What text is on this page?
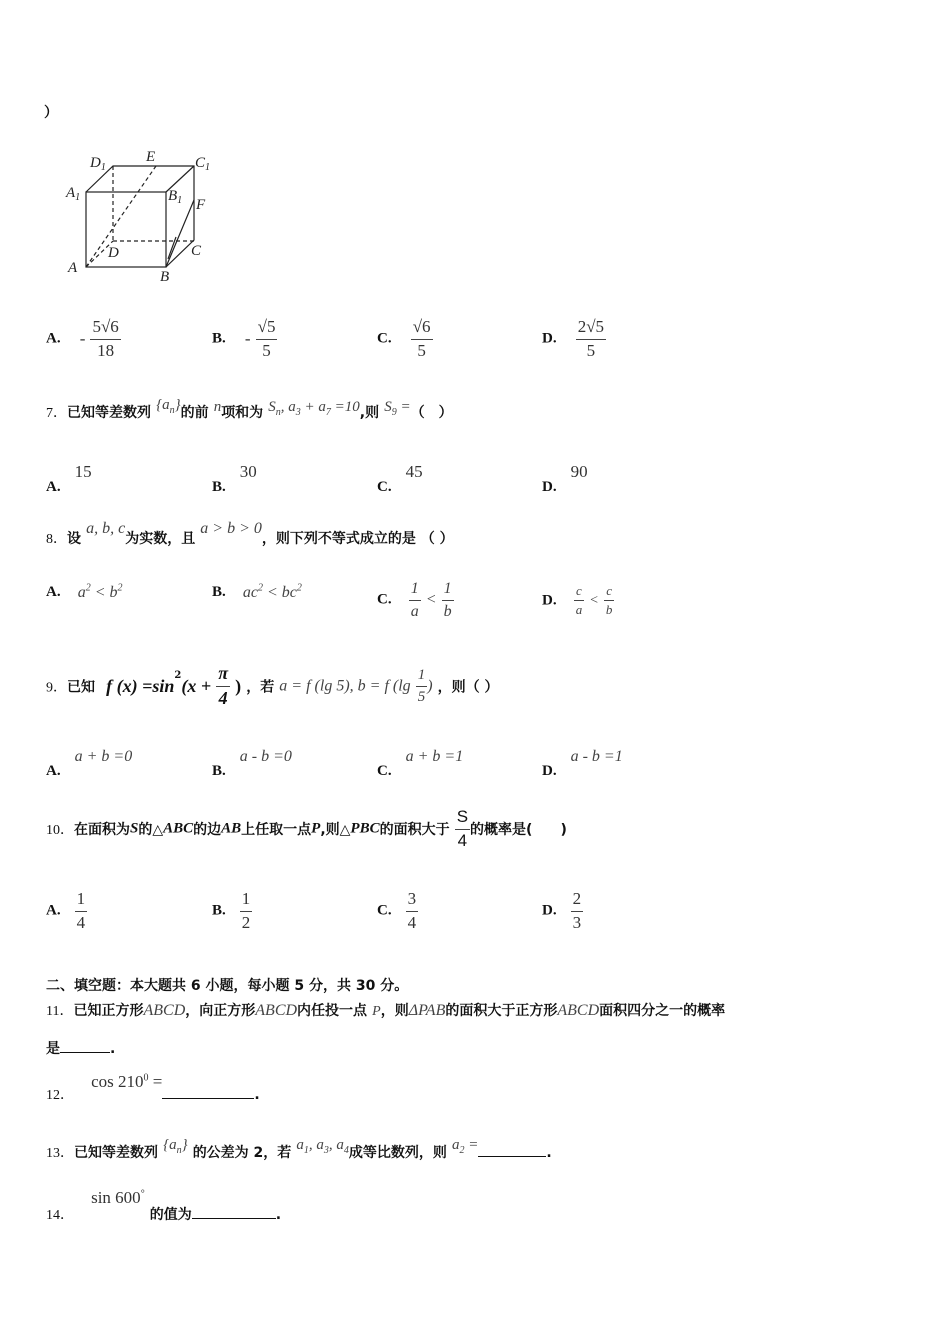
）
$D_1$
E	$C_1$
$A_1$	$B_1$ F
D	C
A
B
A. - $\frac{5√6}{18}$	B. - $\frac{√5}{5}$	C. $\frac{√6}{5}$	D. $\frac{2√5}{5}$
7．已知等差数列 $\{a_n\}$的前 n项和为 $S_n$, $a_3 + a_7 =10$,则 $S_9$ =（　）
A.15
B.30
C.45
D.90
8．设 a, b, c为实数，且 a > b > 0，则下列不等式成立的是 （ ）
A. $a^2 < b^2$	B. $ac^2 < bc^2$
C. $\frac{1}{a} < \frac{1}{b}$	D. $\frac{c}{a} < \frac{c}{b}$
9．已知 f $(x) =\sin^2(x + \frac{\pi}{4}$ ) ，若 a = f (lg 5), b = f ($\lg \frac{1}{5}$ ) ，则（ ）
A.a + b =0
B.a - b =0
C.a + b =1
D.a - b =1
10．在面积为S的△ABC的边AB上任取一点P,则△PBC的面积大于 $\frac{S}{4}$ 的概率是(　　)
A. $\frac{1}{4}$	B. $\frac{1}{2}$	C. $\frac{3}{4}$	D. $\frac{2}{3}$
二、填空题：本大题共 6 小题，每小题 5 分，共 30 分。
11．已知正方形ABCD，向正方形ABCD内任投一点 P，则ΔPAB的面积大于正方形ABCD面积四分之一的概率
是	.
12． $\cos 210^0$ =.
13．已知等差数列 $\{a_n\}$ 的公差为 2，若 $a_1$, $a_3$, $a_4$成等比数列，则 $a_2$ =	.
14． sin 600° 的值为	.
